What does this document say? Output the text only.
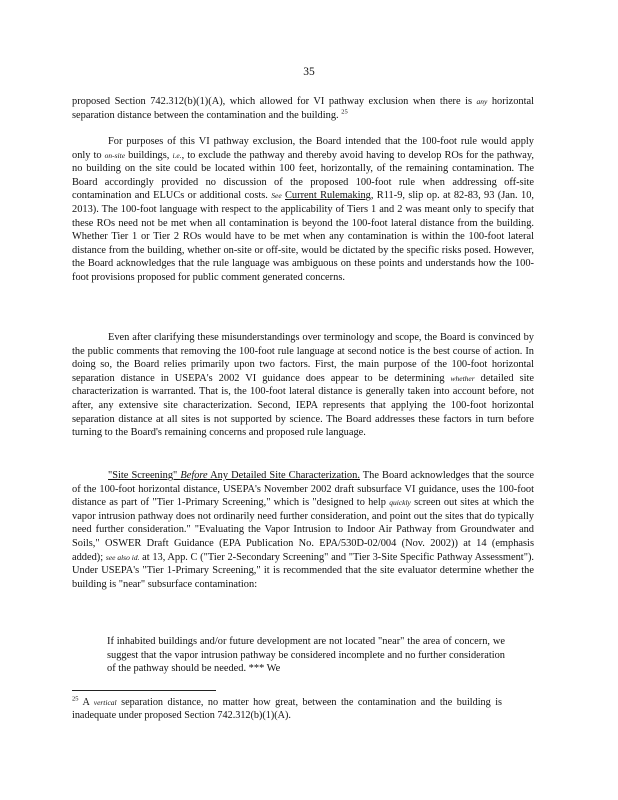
35

proposed Section 742.312(b)(1)(A), which allowed for VI pathway exclusion when there is any horizontal separation distance between the contamination and the building. $^{25}$

For purposes of this VI pathway exclusion, the Board intended that the 100-foot rule would apply only to on-site buildings, i.e., to exclude the pathway and thereby avoid having to develop ROs for the pathway, no building on the site could be located within 100 feet, horizontally, of the remaining contamination. The Board accordingly provided no discussion of the proposed 100-foot rule when addressing off-site contamination and ELUCs or additional costs. See Current Rulemaking, R11-9, slip op. at 82-83, 93 (Jan. 10, 2013). The 100-foot language with respect to the applicability of Tiers 1 and 2 was meant only to specify that these ROs need not be met when all contamination is beyond the 100-foot lateral distance from the building. Whether Tier 1 or Tier 2 ROs would have to be met when any contamination is within the 100-foot lateral distance from the building, whether on-site or off-site, would be dictated by the specific risks posed. However, the Board acknowledges that the rule language was ambiguous on these points and understands how the 100-foot provisions proposed for public comment generated concerns.

Even after clarifying these misunderstandings over terminology and scope, the Board is convinced by the public comments that removing the 100-foot rule language at second notice is the best course of action. In doing so, the Board relies primarily upon two factors. First, the main purpose of the 100-foot horizontal separation distance in USEPA's 2002 VI guidance does appear to be determining whether detailed site characterization is warranted. That is, the 100-foot lateral distance is generally taken into account before, not after, any extensive site characterization. Second, IEPA represents that applying the 100-foot horizontal separation distance at all sites is not supported by science. The Board addresses these factors in turn before turning to the Board's remaining concerns and proposed rule language.

"Site Screening" Before Any Detailed Site Characterization. The Board acknowledges that the source of the 100-foot horizontal distance, USEPA's November 2002 draft subsurface VI guidance, uses the 100-foot distance as part of "Tier 1-Primary Screening," which is "designed to help quickly screen out sites at which the vapor intrusion pathway does not ordinarily need further consideration, and point out the sites that do typically need further consideration." "Evaluating the Vapor Intrusion to Indoor Air Pathway from Groundwater and Soils," OSWER Draft Guidance (EPA Publication No. EPA/530D-02/004 (Nov. 2002)) at 14 (emphasis added); see also id. at 13, App. C ("Tier 2-Secondary Screening" and "Tier 3-Site Specific Pathway Assessment"). Under USEPA's "Tier 1-Primary Screening," it is recommended that the site evaluator determine whether the building is "near" subsurface contamination:

If inhabited buildings and/or future development are not located "near" the area of concern, we suggest that the vapor intrusion pathway be considered incomplete and no further consideration of the pathway should be needed. *** We

$^{25}$ A vertical separation distance, no matter how great, between the contamination and the building is inadequate under proposed Section 742.312(b)(1)(A).
